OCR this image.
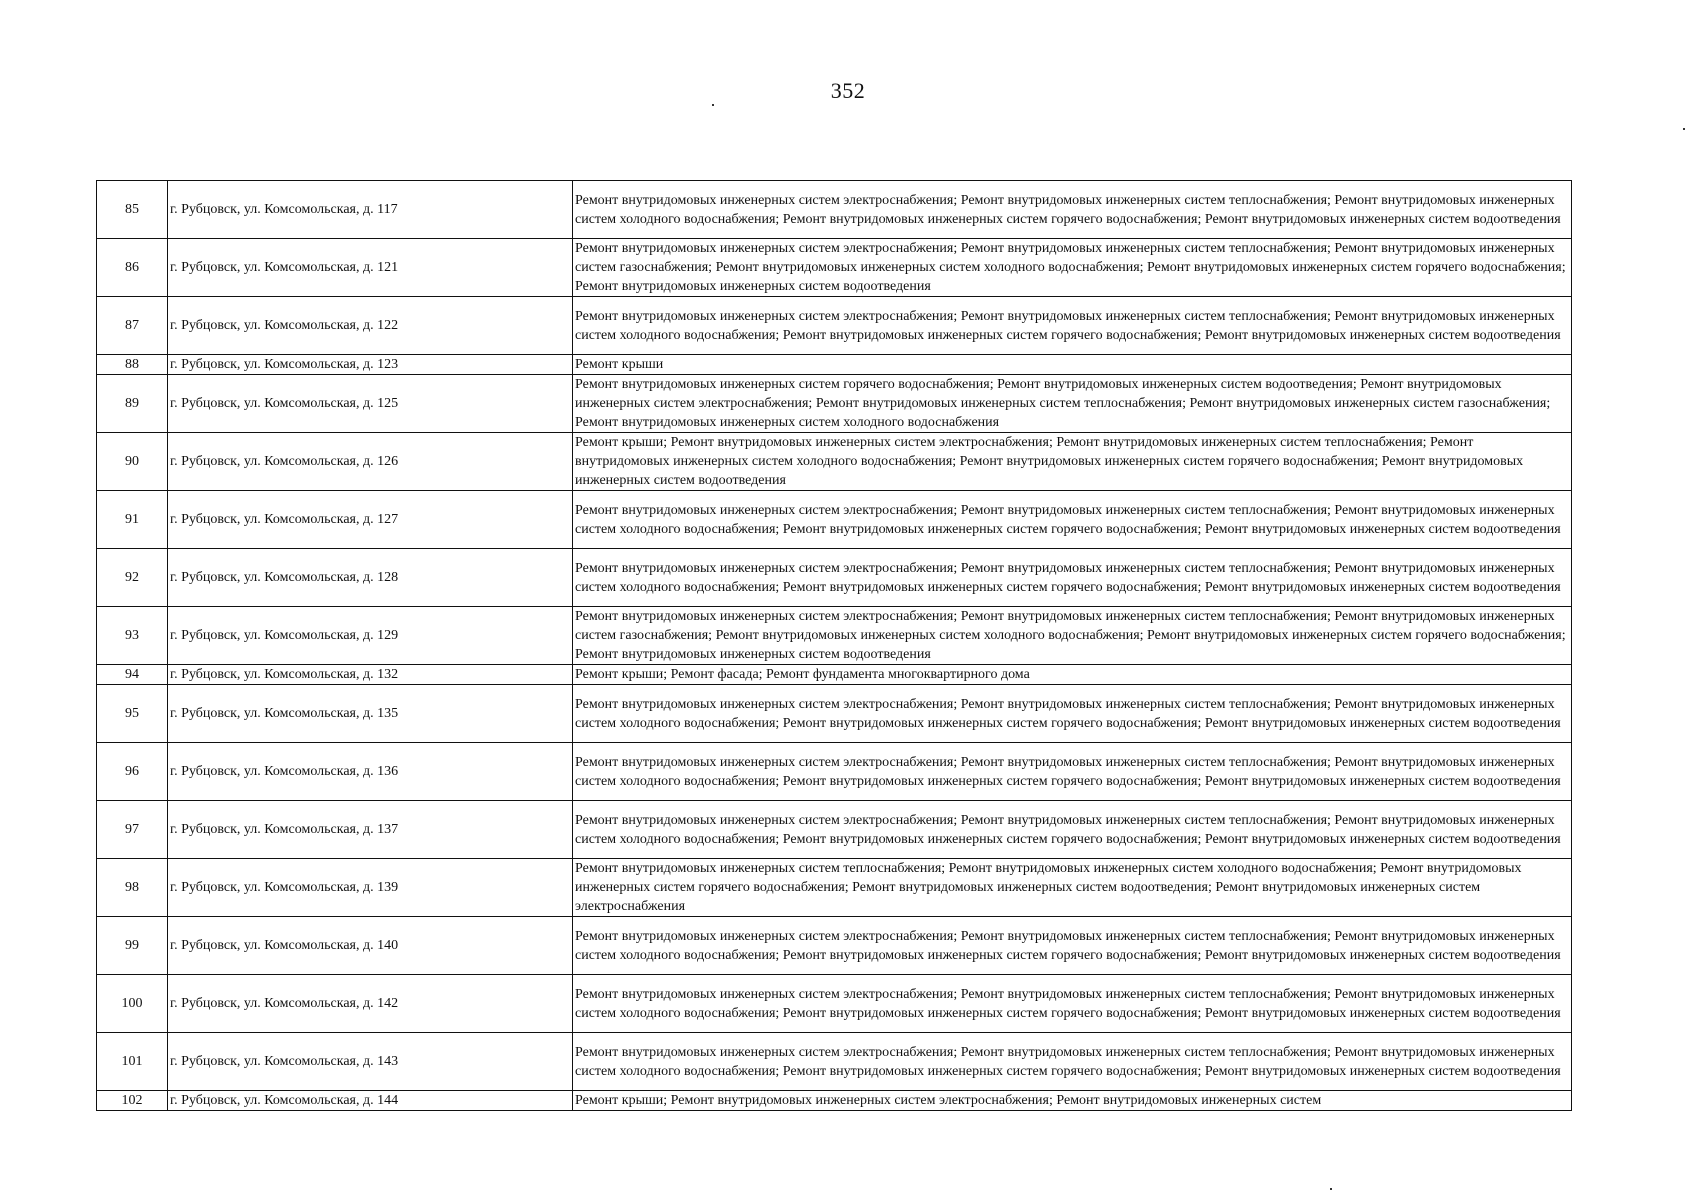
352
85	г. Рубцовск, ул. Комсомольская, д. 117	Ремонт внутридомовых инженерных систем электроснабжения; Ремонт внутридомовых инженерных систем теплоснабжения; Ремонт внутридомовых инженерных систем холодного водоснабжения; Ремонт внутридомовых инженерных систем горячего водоснабжения; Ремонт внутридомовых инженерных систем водоотведения
86	г. Рубцовск, ул. Комсомольская, д. 121	Ремонт внутридомовых инженерных систем электроснабжения; Ремонт внутридомовых инженерных систем теплоснабжения; Ремонт внутридомовых инженерных систем газоснабжения; Ремонт внутридомовых инженерных систем холодного водоснабжения; Ремонт внутридомовых инженерных систем горячего водоснабжения; Ремонт внутридомовых инженерных систем водоотведения
87	г. Рубцовск, ул. Комсомольская, д. 122	Ремонт внутридомовых инженерных систем электроснабжения; Ремонт внутридомовых инженерных систем теплоснабжения; Ремонт внутридомовых инженерных систем холодного водоснабжения; Ремонт внутридомовых инженерных систем горячего водоснабжения; Ремонт внутридомовых инженерных систем водоотведения
88	г. Рубцовск, ул. Комсомольская, д. 123	Ремонт крыши
89	г. Рубцовск, ул. Комсомольская, д. 125	Ремонт внутридомовых инженерных систем горячего водоснабжения; Ремонт внутридомовых инженерных систем водоотведения; Ремонт внутридомовых инженерных систем электроснабжения; Ремонт внутридомовых инженерных систем теплоснабжения; Ремонт внутридомовых инженерных систем газоснабжения; Ремонт внутридомовых инженерных систем холодного водоснабжения
90	г. Рубцовск, ул. Комсомольская, д. 126	Ремонт крыши; Ремонт внутридомовых инженерных систем электроснабжения; Ремонт внутридомовых инженерных систем теплоснабжения; Ремонт внутридомовых инженерных систем холодного водоснабжения; Ремонт внутридомовых инженерных систем горячего водоснабжения; Ремонт внутридомовых инженерных систем водоотведения
91	г. Рубцовск, ул. Комсомольская, д. 127	Ремонт внутридомовых инженерных систем электроснабжения; Ремонт внутридомовых инженерных систем теплоснабжения; Ремонт внутридомовых инженерных систем холодного водоснабжения; Ремонт внутридомовых инженерных систем горячего водоснабжения; Ремонт внутридомовых инженерных систем водоотведения
92	г. Рубцовск, ул. Комсомольская, д. 128	Ремонт внутридомовых инженерных систем электроснабжения; Ремонт внутридомовых инженерных систем теплоснабжения; Ремонт внутридомовых инженерных систем холодного водоснабжения; Ремонт внутридомовых инженерных систем горячего водоснабжения; Ремонт внутридомовых инженерных систем водоотведения
93	г. Рубцовск, ул. Комсомольская, д. 129	Ремонт внутридомовых инженерных систем электроснабжения; Ремонт внутридомовых инженерных систем теплоснабжения; Ремонт внутридомовых инженерных систем газоснабжения; Ремонт внутридомовых инженерных систем холодного водоснабжения; Ремонт внутридомовых инженерных систем горячего водоснабжения; Ремонт внутридомовых инженерных систем водоотведения
94	г. Рубцовск, ул. Комсомольская, д. 132	Ремонт крыши; Ремонт фасада; Ремонт фундамента многоквартирного дома
95	г. Рубцовск, ул. Комсомольская, д. 135	Ремонт внутридомовых инженерных систем электроснабжения; Ремонт внутридомовых инженерных систем теплоснабжения; Ремонт внутридомовых инженерных систем холодного водоснабжения; Ремонт внутридомовых инженерных систем горячего водоснабжения; Ремонт внутридомовых инженерных систем водоотведения
96	г. Рубцовск, ул. Комсомольская, д. 136	Ремонт внутридомовых инженерных систем электроснабжения; Ремонт внутридомовых инженерных систем теплоснабжения; Ремонт внутридомовых инженерных систем холодного водоснабжения; Ремонт внутридомовых инженерных систем горячего водоснабжения; Ремонт внутридомовых инженерных систем водоотведения
97	г. Рубцовск, ул. Комсомольская, д. 137	Ремонт внутридомовых инженерных систем электроснабжения; Ремонт внутридомовых инженерных систем теплоснабжения; Ремонт внутридомовых инженерных систем холодного водоснабжения; Ремонт внутридомовых инженерных систем горячего водоснабжения; Ремонт внутридомовых инженерных систем водоотведения
98	г. Рубцовск, ул. Комсомольская, д. 139	Ремонт внутридомовых инженерных систем теплоснабжения; Ремонт внутридомовых инженерных систем холодного водоснабжения; Ремонт внутридомовых инженерных систем горячего водоснабжения; Ремонт внутридомовых инженерных систем водоотведения; Ремонт внутридомовых инженерных систем электроснабжения
99	г. Рубцовск, ул. Комсомольская, д. 140	Ремонт внутридомовых инженерных систем электроснабжения; Ремонт внутридомовых инженерных систем теплоснабжения; Ремонт внутридомовых инженерных систем холодного водоснабжения; Ремонт внутридомовых инженерных систем горячего водоснабжения; Ремонт внутридомовых инженерных систем водоотведения
100	г. Рубцовск, ул. Комсомольская, д. 142	Ремонт внутридомовых инженерных систем электроснабжения; Ремонт внутридомовых инженерных систем теплоснабжения; Ремонт внутридомовых инженерных систем холодного водоснабжения; Ремонт внутридомовых инженерных систем горячего водоснабжения; Ремонт внутридомовых инженерных систем водоотведения
101	г. Рубцовск, ул. Комсомольская, д. 143	Ремонт внутридомовых инженерных систем электроснабжения; Ремонт внутридомовых инженерных систем теплоснабжения; Ремонт внутридомовых инженерных систем холодного водоснабжения; Ремонт внутридомовых инженерных систем горячего водоснабжения; Ремонт внутридомовых инженерных систем водоотведения
102	г. Рубцовск, ул. Комсомольская, д. 144	Ремонт крыши; Ремонт внутридомовых инженерных систем электроснабжения; Ремонт внутридомовых инженерных систем
